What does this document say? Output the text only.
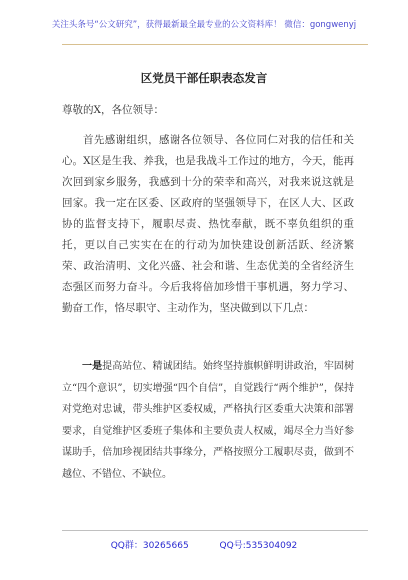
关注头条号“公文研究”，获得最新最全最专业的公文资料库！ 微信：gongwenyj
区党员干部任职表态发言
尊敬的X，各位领导：

首先感谢组织，感谢各位领导、各位同仁对我的信任和关心。X区是生我、养我，也是我战斗工作过的地方，今天，能再次回到家乡服务，我感到十分的荣幸和高兴，对我来说这就是回家。我一定在区委、区政府的坚强领导下，在区人大、区政协的监督支持下，履职尽责、热忱奉献，既不辜负组织的重托，更以自己实实在在的行动为加快建设创新活跃、经济繁荣、政治清明、文化兴盛、社会和谐、生态优美的全省经济生态强区而努力奋斗。今后我将倍加珍惜干事机遇，努力学习、勤奋工作，恪尽职守、主动作为，坚决做到以下几点：

一是提高站位、精诚团结。始终坚持旗帜鲜明讲政治，牢固树立“四个意识”，切实增强“四个自信”，自觉践行“两个维护”，保持对党绝对忠诚，带头维护区委权威，严格执行区委重大决策和部署要求，自觉维护区委班子集体和主要负责人权威，竭尽全力当好参谋助手，倍加珍视团结共事缘分，严格按照分工履职尽责，做到不越位、不错位、不缺位。

QQ群：30265665	QQ号:535304092
